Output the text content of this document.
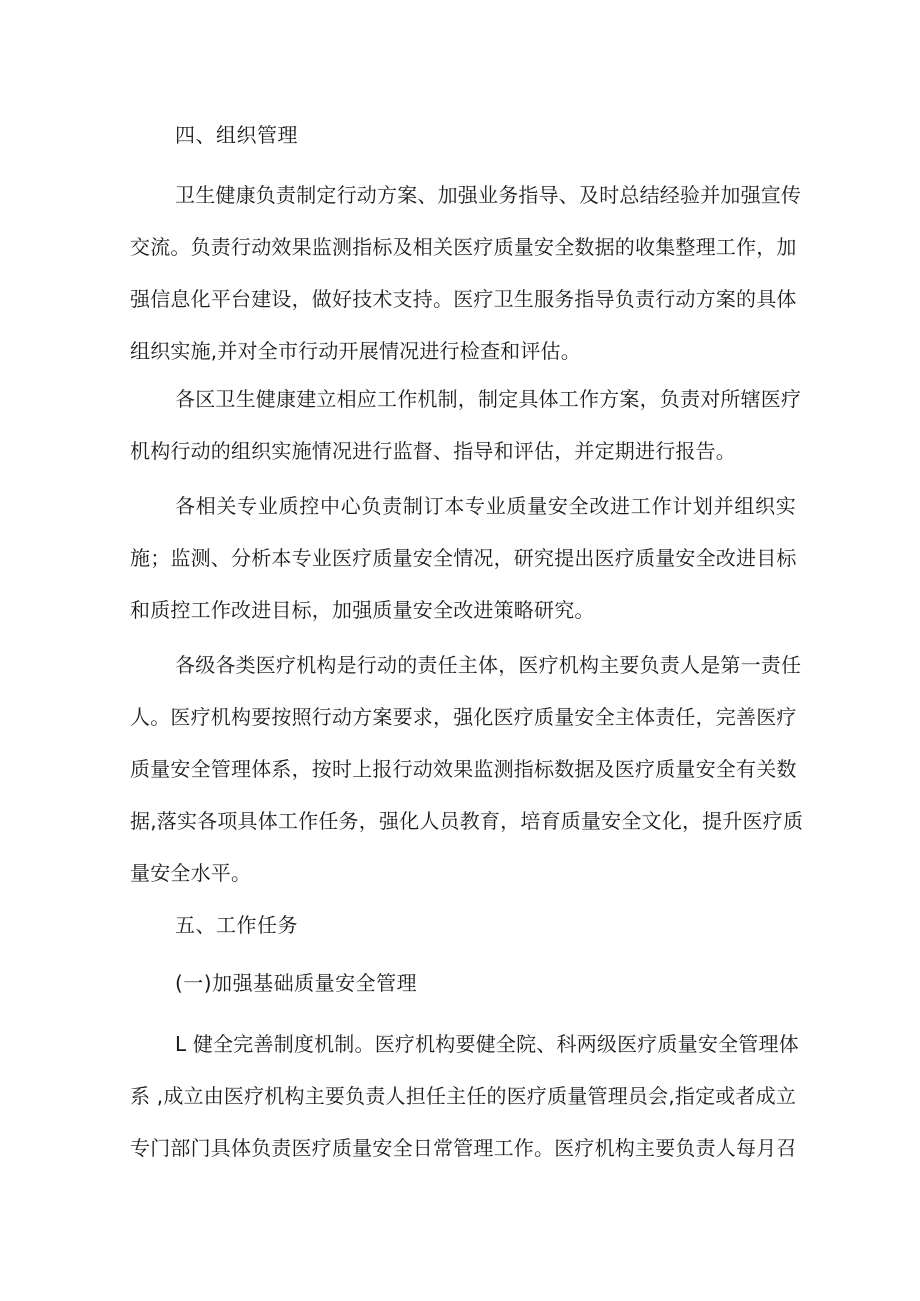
四、组织管理
卫生健康负责制定行动方案、加强业务指导、及时总结经验并加强宣传
交流。负责行动效果监测指标及相关医疗质量安全数据的收集整理工作，加
强信息化平台建设，做好技术支持。医疗卫生服务指导负责行动方案的具体
组织实施,并对全市行动开展情况进行检查和评估。
各区卫生健康建立相应工作机制，制定具体工作方案，负责对所辖医疗
机构行动的组织实施情况进行监督、指导和评估，并定期进行报告。
各相关专业质控中心负责制订本专业质量安全改进工作计划并组织实
施；监测、分析本专业医疗质量安全情况，研究提出医疗质量安全改进目标
和质控工作改进目标，加强质量安全改进策略研究。
各级各类医疗机构是行动的责任主体，医疗机构主要负责人是第一责任
人。医疗机构要按照行动方案要求，强化医疗质量安全主体责任，完善医疗
质量安全管理体系，按时上报行动效果监测指标数据及医疗质量安全有关数
据,落实各项具体工作任务，强化人员教育，培育质量安全文化，提升医疗质
量安全水平。
五、工作任务
(一)加强基础质量安全管理
L 健全完善制度机制。医疗机构要健全院、科两级医疗质量安全管理体
系 ,成立由医疗机构主要负责人担任主任的医疗质量管理员会,指定或者成立
专门部门具体负责医疗质量安全日常管理工作。医疗机构主要负责人每月召
